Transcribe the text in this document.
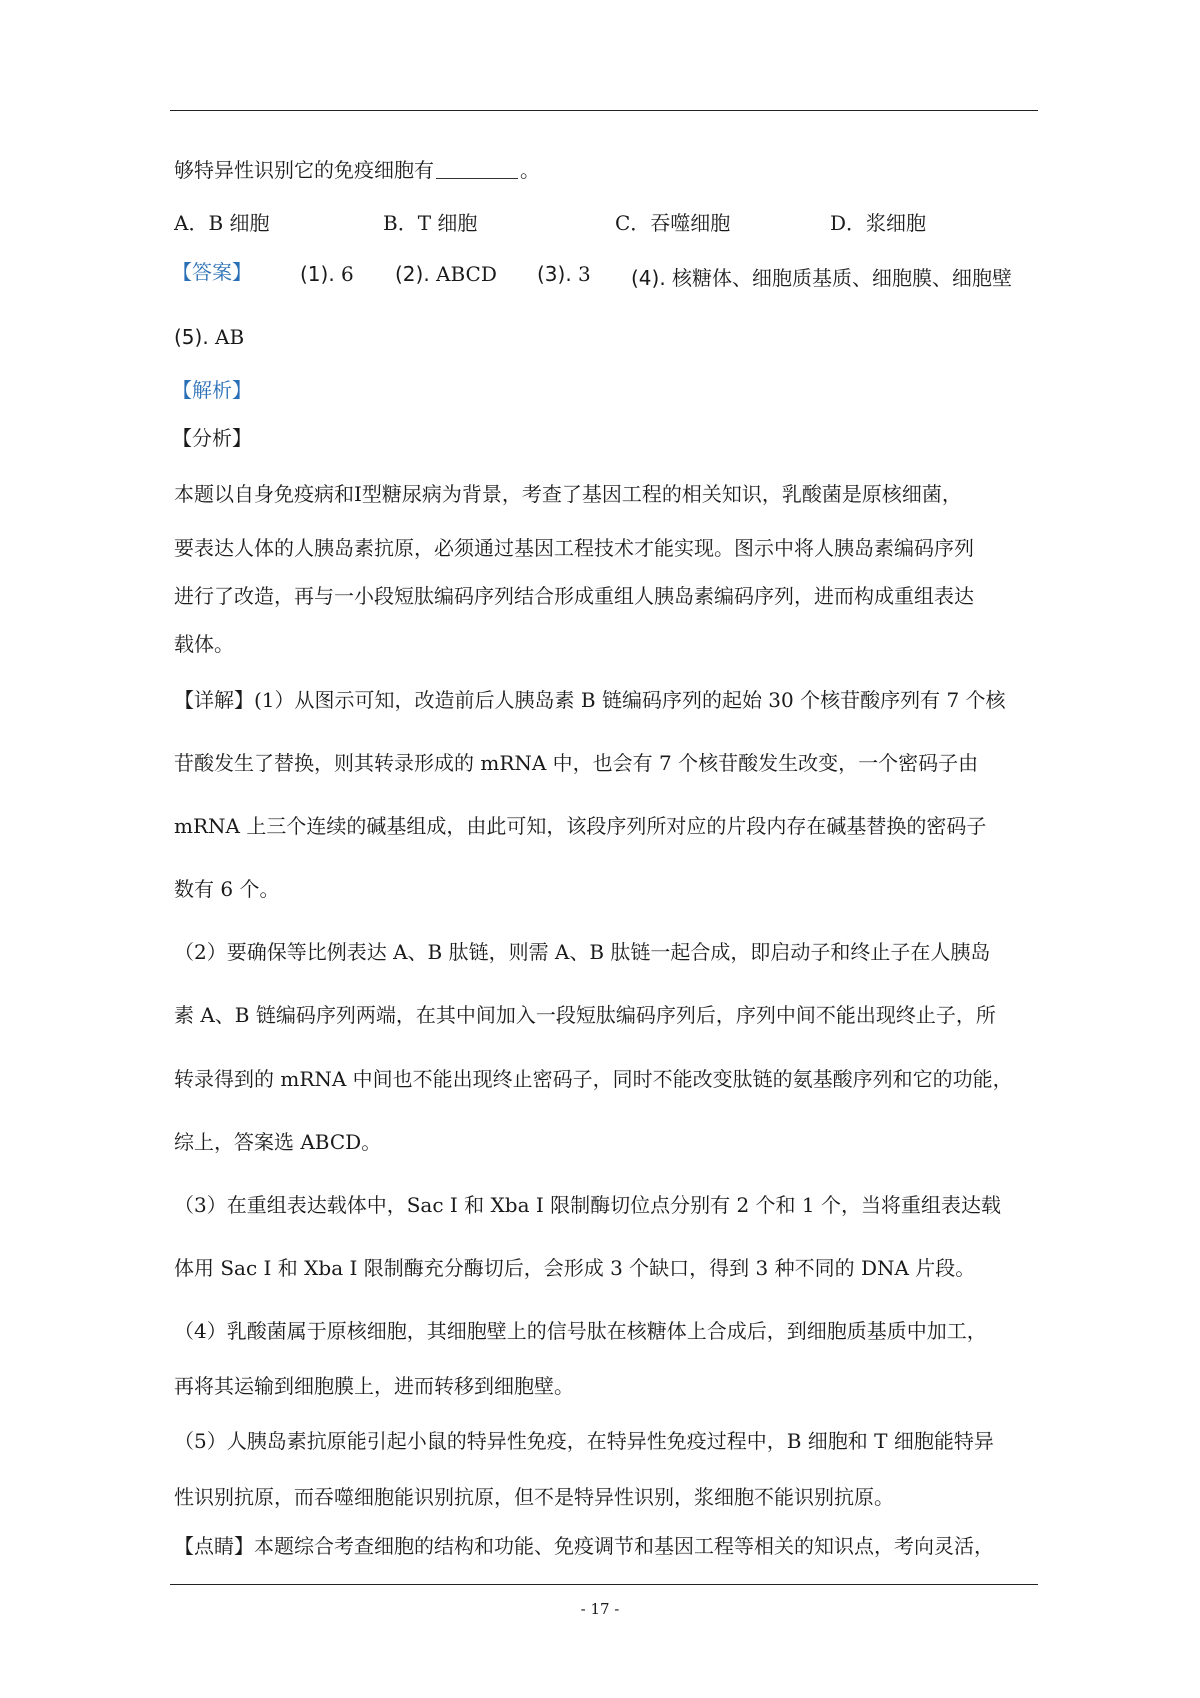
够特异性识别它的免疫细胞有	。
A．B 细胞	B．T 细胞	C．吞噬细胞	D．浆细胞
【答案】 (1). 6 (2). ABCD (3). 3 (4). 核糖体、细胞质基质、细胞膜、细胞壁
(5). AB
【解析】
【分析】
本题以自身免疫病和Ⅰ型糖尿病为背景，考查了基因工程的相关知识，乳酸菌是原核细菌，
要表达人体的人胰岛素抗原，必须通过基因工程技术才能实现。图示中将人胰岛素编码序列
进行了改造，再与一小段短肽编码序列结合形成重组人胰岛素编码序列，进而构成重组表达
载体。
【详解】(1）从图示可知，改造前后人胰岛素 B 链编码序列的起始 30 个核苷酸序列有 7 个核
苷酸发生了替换，则其转录形成的 mRNA 中，也会有 7 个核苷酸发生改变，一个密码子由
mRNA 上三个连续的碱基组成，由此可知，该段序列所对应的片段内存在碱基替换的密码子
数有 6 个。
（2）要确保等比例表达 A、B 肽链，则需 A、B 肽链一起合成，即启动子和终止子在人胰岛
素 A、B 链编码序列两端，在其中间加入一段短肽编码序列后，序列中间不能出现终止子，所
转录得到的 mRNA 中间也不能出现终止密码子，同时不能改变肽链的氨基酸序列和它的功能，
综上，答案选 ABCD。
（3）在重组表达载体中，Sac Ⅰ 和 Xba Ⅰ 限制酶切位点分别有 2 个和 1 个，当将重组表达载
体用 Sac Ⅰ 和 Xba Ⅰ 限制酶充分酶切后，会形成 3 个缺口，得到 3 种不同的 DNA 片段。
（4）乳酸菌属于原核细胞，其细胞壁上的信号肽在核糖体上合成后，到细胞质基质中加工，
再将其运输到细胞膜上，进而转移到细胞壁。
（5）人胰岛素抗原能引起小鼠的特异性免疫，在特异性免疫过程中，B 细胞和 T 细胞能特异
性识别抗原，而吞噬细胞能识别抗原，但不是特异性识别，浆细胞不能识别抗原。
【点睛】本题综合考查细胞的结构和功能、免疫调节和基因工程等相关的知识点，考向灵活，
- 17 -
